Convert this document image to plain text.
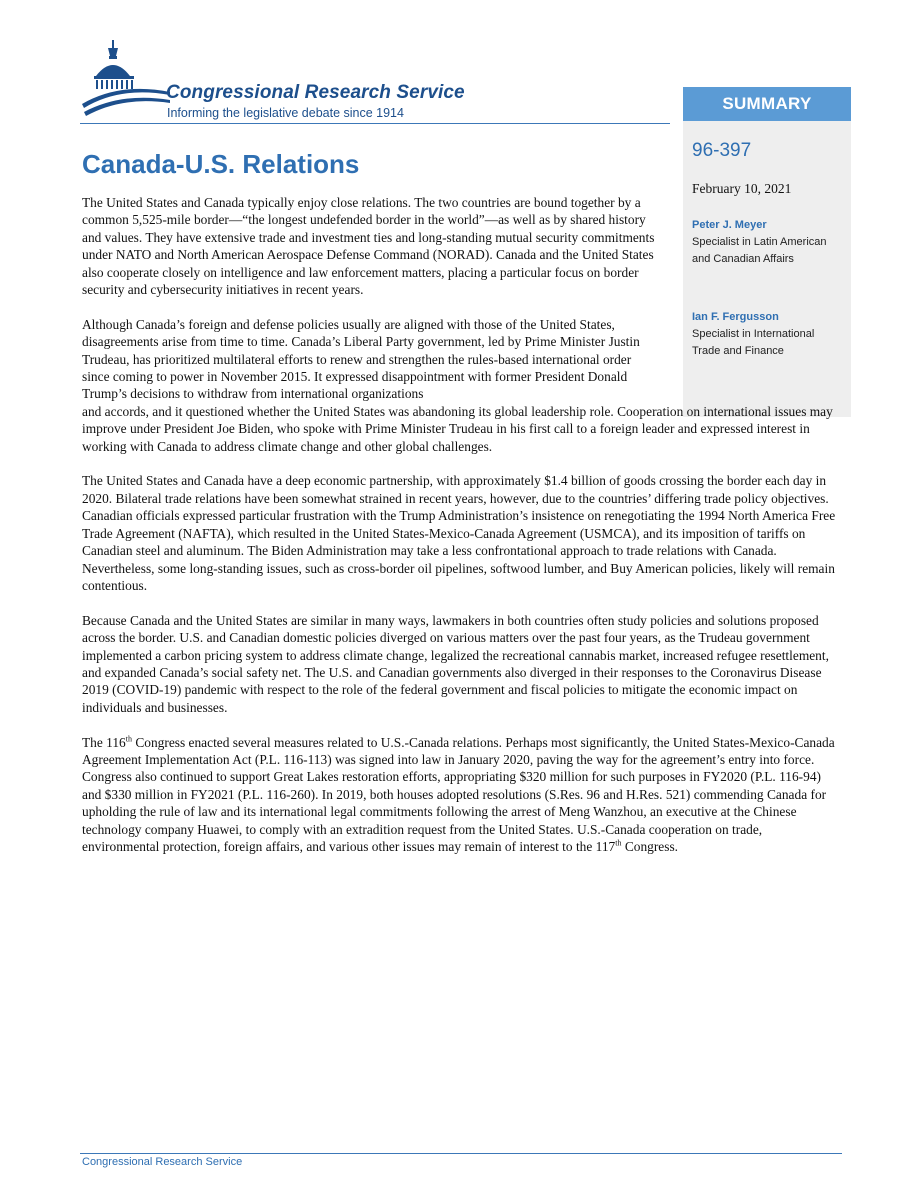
Congressional Research Service
Informing the legislative debate since 1914	SUMMARY
96-397
February 10, 2021
Peter J. Meyer
Specialist in Latin American and Canadian Affairs
Ian F. Fergusson
Specialist in International Trade and Finance
Canada-U.S. Relations

The United States and Canada typically enjoy close relations. The two countries are bound together by a common 5,525-mile border—“the longest undefended border in the world”—as well as by shared history and values. They have extensive trade and investment ties and long-standing mutual security commitments under NATO and North American Aerospace Defense Command (NORAD). Canada and the United States also cooperate closely on intelligence and law enforcement matters, placing a particular focus on border security and cybersecurity initiatives in recent years.

Although Canada’s foreign and defense policies usually are aligned with those of the United States, disagreements arise from time to time. Canada’s Liberal Party government, led by Prime Minister Justin Trudeau, has prioritized multilateral efforts to renew and strengthen the rules-based international order since coming to power in November 2015. It expressed disappointment with former President Donald Trump’s decisions to withdraw from international organizations

and accords, and it questioned whether the United States was abandoning its global leadership role. Cooperation on international issues may improve under President Joe Biden, who spoke with Prime Minister Trudeau in his first call to a foreign leader and expressed interest in working with Canada to address climate change and other global challenges.

The United States and Canada have a deep economic partnership, with approximately $1.4 billion of goods crossing the border each day in 2020. Bilateral trade relations have been somewhat strained in recent years, however, due to the countries’ differing trade policy objectives. Canadian officials expressed particular frustration with the Trump Administration’s insistence on renegotiating the 1994 North America Free Trade Agreement (NAFTA), which resulted in the United States-Mexico-Canada Agreement (USMCA), and its imposition of tariffs on Canadian steel and aluminum. The Biden Administration may take a less confrontational approach to trade relations with Canada. Nevertheless, some long-standing issues, such as cross-border oil pipelines, softwood lumber, and Buy American policies, likely will remain contentious.

Because Canada and the United States are similar in many ways, lawmakers in both countries often study policies and solutions proposed across the border. U.S. and Canadian domestic policies diverged on various matters over the past four years, as the Trudeau government implemented a carbon pricing system to address climate change, legalized the recreational cannabis market, increased refugee resettlement, and expanded Canada’s social safety net. The U.S. and Canadian governments also diverged in their responses to the Coronavirus Disease 2019 (COVID-19) pandemic with respect to the role of the federal government and fiscal policies to mitigate the economic impact on individuals and businesses.

The 116th Congress enacted several measures related to U.S.-Canada relations. Perhaps most significantly, the United States-Mexico-Canada Agreement Implementation Act (P.L. 116-113) was signed into law in January 2020, paving the way for the agreement’s entry into force. Congress also continued to support Great Lakes restoration efforts, appropriating $320 million for such purposes in FY2020 (P.L. 116-94) and $330 million in FY2021 (P.L. 116-260). In 2019, both houses adopted resolutions (S.Res. 96 and H.Res. 521) commending Canada for upholding the rule of law and its international legal commitments following the arrest of Meng Wanzhou, an executive at the Chinese technology company Huawei, to comply with an extradition request from the United States. U.S.-Canada cooperation on trade, environmental protection, foreign affairs, and various other issues may remain of interest to the 117th Congress.

Congressional Research Service
